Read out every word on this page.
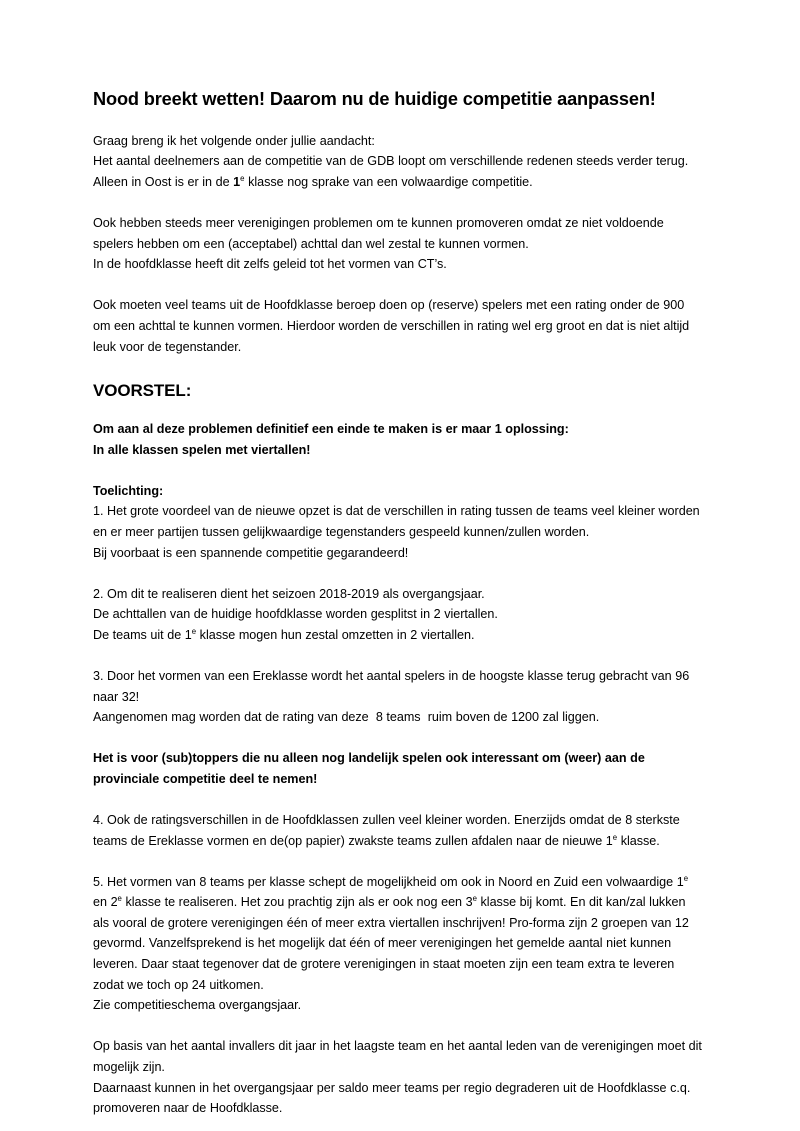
Nood breekt wetten! Daarom nu de huidige competitie aanpassen!

Graag breng ik het volgende onder jullie aandacht:
Het aantal deelnemers aan de competitie van de GDB loopt om verschillende redenen steeds verder terug. Alleen in Oost is er in de 1e klasse nog sprake van een volwaardige competitie.

Ook hebben steeds meer verenigingen problemen om te kunnen promoveren omdat ze niet voldoende spelers hebben om een (acceptabel) achttal dan wel zestal te kunnen vormen.
In de hoofdklasse heeft dit zelfs geleid tot het vormen van CT’s.

Ook moeten veel teams uit de Hoofdklasse beroep doen op (reserve) spelers met een rating onder de 900 om een achttal te kunnen vormen. Hierdoor worden de verschillen in rating wel erg groot en dat is niet altijd leuk voor de tegenstander.

VOORSTEL:

Om aan al deze problemen definitief een einde te maken is er maar 1 oplossing:
In alle klassen spelen met viertallen!

Toelichting:
1. Het grote voordeel van de nieuwe opzet is dat de verschillen in rating tussen de teams veel kleiner worden en er meer partijen tussen gelijkwaardige tegenstanders gespeeld kunnen/zullen worden.
Bij voorbaat is een spannende competitie gegarandeerd!

2. Om dit te realiseren dient het seizoen 2018-2019 als overgangsjaar.
De achttallen van de huidige hoofdklasse worden gesplitst in 2 viertallen.
De teams uit de 1e klasse mogen hun zestal omzetten in 2 viertallen.

3. Door het vormen van een Ereklasse wordt het aantal spelers in de hoogste klasse terug gebracht van 96 naar 32!
Aangenomen mag worden dat de rating van deze  8 teams  ruim boven de 1200 zal liggen.

Het is voor (sub)toppers die nu alleen nog landelijk spelen ook interessant om (weer) aan de provinciale competitie deel te nemen!

4. Ook de ratingsverschillen in de Hoofdklassen zullen veel kleiner worden. Enerzijds omdat de 8 sterkste teams de Ereklasse vormen en de(op papier) zwakste teams zullen afdalen naar de nieuwe 1e klasse.

5. Het vormen van 8 teams per klasse schept de mogelijkheid om ook in Noord en Zuid een volwaardige 1e en 2e klasse te realiseren. Het zou prachtig zijn als er ook nog een 3e klasse bij komt. En dit kan/zal lukken als vooral de grotere verenigingen één of meer extra viertallen inschrijven! Pro-forma zijn 2 groepen van 12 gevormd. Vanzelfsprekend is het mogelijk dat één of meer verenigingen het gemelde aantal niet kunnen leveren. Daar staat tegenover dat de grotere verenigingen in staat moeten zijn een team extra te leveren zodat we toch op 24 uitkomen.
Zie competitieschema overgangsjaar.

Op basis van het aantal invallers dit jaar in het laagste team en het aantal leden van de verenigingen moet dit mogelijk zijn.
Daarnaast kunnen in het overgangsjaar per saldo meer teams per regio degraderen uit de Hoofdklasse c.q. promoveren naar de Hoofdklasse.
